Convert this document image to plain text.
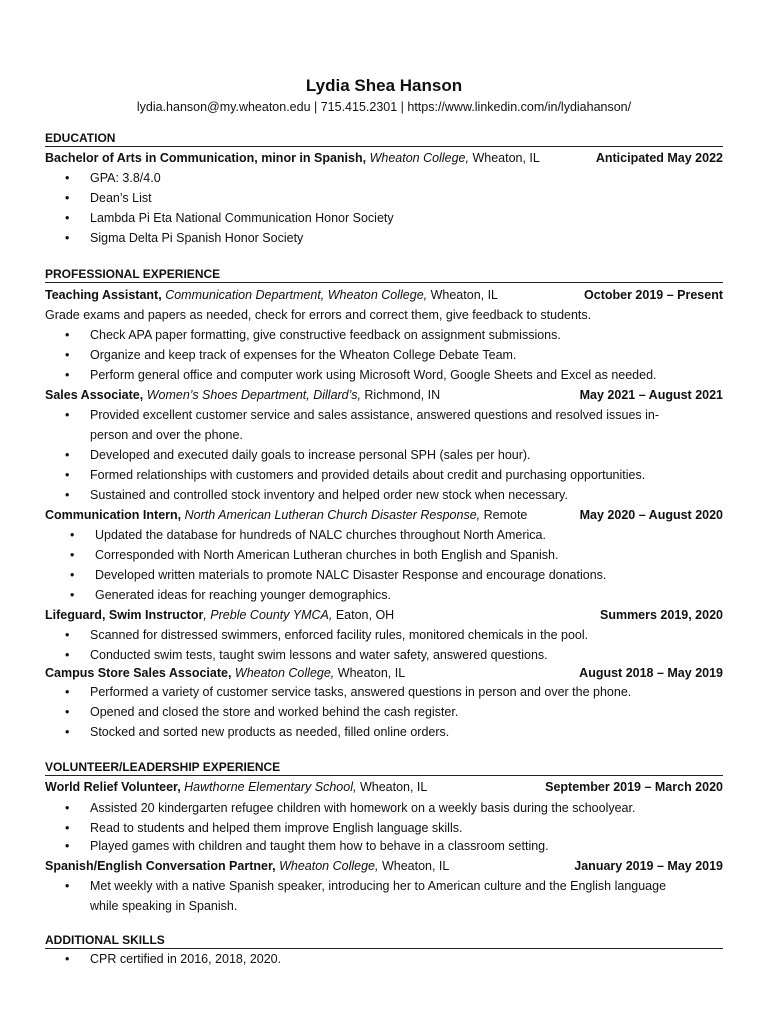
Lydia Shea Hanson
lydia.hanson@my.wheaton.edu | 715.415.2301 | https://www.linkedin.com/in/lydiahanson/
EDUCATION
Bachelor of Arts in Communication, minor in Spanish, Wheaton College, Wheaton, IL	Anticipated May 2022
• GPA: 3.8/4.0
• Dean’s List
• Lambda Pi Eta National Communication Honor Society
• Sigma Delta Pi Spanish Honor Society
PROFESSIONAL EXPERIENCE
Teaching Assistant, Communication Department, Wheaton College, Wheaton, IL	October 2019 – Present
Grade exams and papers as needed, check for errors and correct them, give feedback to students.
• Check APA paper formatting, give constructive feedback on assignment submissions.
• Organize and keep track of expenses for the Wheaton College Debate Team.
• Perform general office and computer work using Microsoft Word, Google Sheets and Excel as needed.
Sales Associate, Women’s Shoes Department, Dillard’s, Richmond, IN	May 2021 – August 2021
• Provided excellent customer service and sales assistance, answered questions and resolved issues in-
person and over the phone.
• Developed and executed daily goals to increase personal SPH (sales per hour).
• Formed relationships with customers and provided details about credit and purchasing opportunities.
• Sustained and controlled stock inventory and helped order new stock when necessary.
Communication Intern, North American Lutheran Church Disaster Response, Remote	May 2020 – August 2020
• Updated the database for hundreds of NALC churches throughout North America.
• Corresponded with North American Lutheran churches in both English and Spanish.
• Developed written materials to promote NALC Disaster Response and encourage donations.
• Generated ideas for reaching younger demographics.
Lifeguard, Swim Instructor, Preble County YMCA, Eaton, OH	Summers 2019, 2020
• Scanned for distressed swimmers, enforced facility rules, monitored chemicals in the pool.
• Conducted swim tests, taught swim lessons and water safety, answered questions.
Campus Store Sales Associate, Wheaton College, Wheaton, IL	August 2018 – May 2019
• Performed a variety of customer service tasks, answered questions in person and over the phone.
• Opened and closed the store and worked behind the cash register.
• Stocked and sorted new products as needed, filled online orders.
VOLUNTEER/LEADERSHIP EXPERIENCE
World Relief Volunteer, Hawthorne Elementary School, Wheaton, IL	September 2019 – March 2020
• Assisted 20 kindergarten refugee children with homework on a weekly basis during the schoolyear.
• Read to students and helped them improve English language skills.
• Played games with children and taught them how to behave in a classroom setting.
Spanish/English Conversation Partner, Wheaton College, Wheaton, IL	January 2019 – May 2019
• Met weekly with a native Spanish speaker, introducing her to American culture and the English language
while speaking in Spanish.
ADDITIONAL SKILLS
• CPR certified in 2016, 2018, 2020.
